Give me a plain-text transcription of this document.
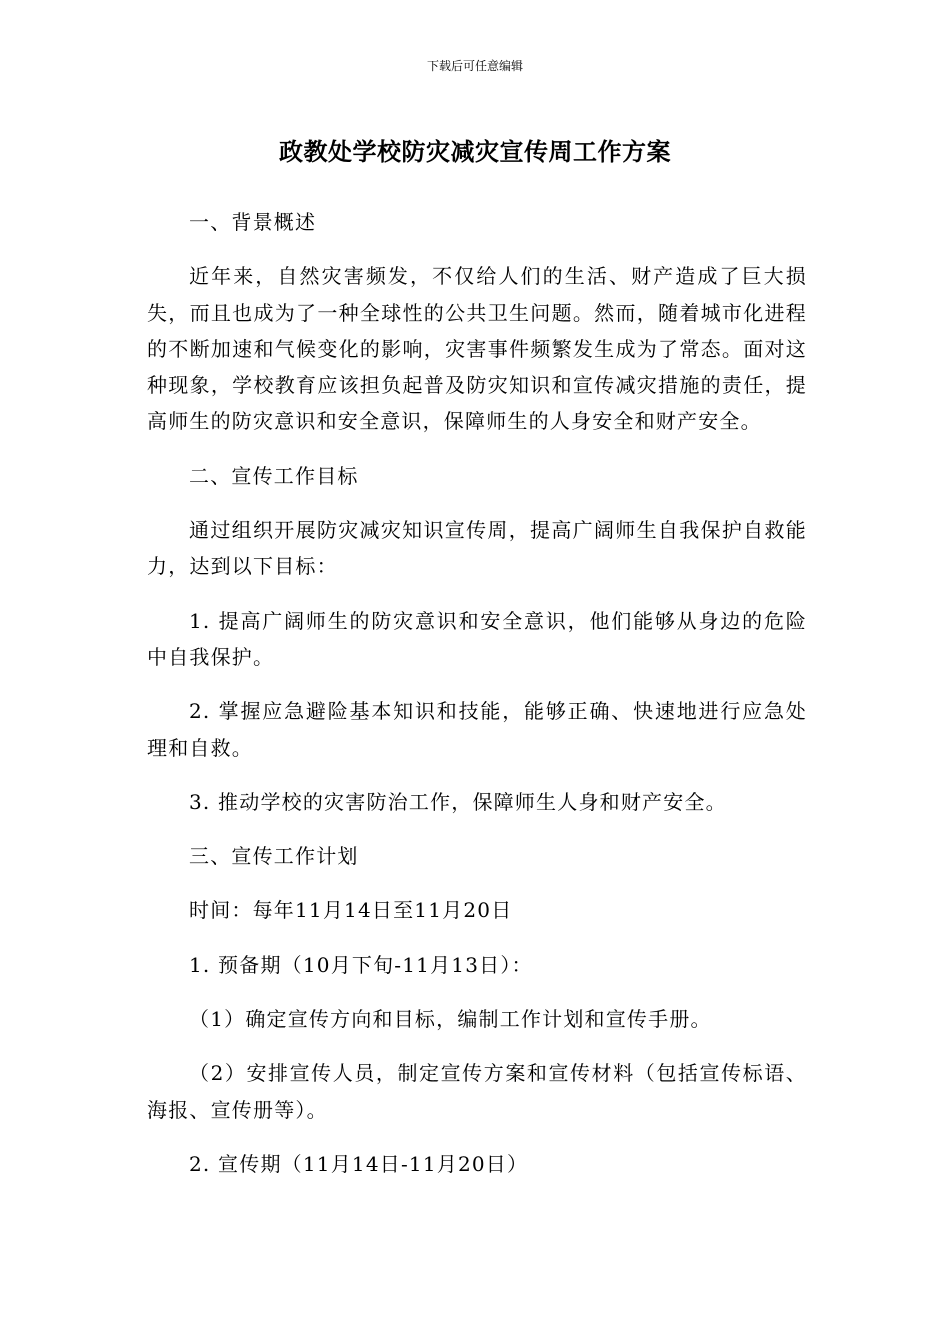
下载后可任意编辑
政教处学校防灾减灾宣传周工作方案

一、背景概述

近年来，自然灾害频发，不仅给人们的生活、财产造成了巨大损失，而且也成为了一种全球性的公共卫生问题。然而，随着城市化进程的不断加速和气候变化的影响，灾害事件频繁发生成为了常态。面对这种现象，学校教育应该担负起普及防灾知识和宣传减灾措施的责任，提高师生的防灾意识和安全意识，保障师生的人身安全和财产安全。

二、宣传工作目标

通过组织开展防灾减灾知识宣传周，提高广阔师生自我保护自救能力，达到以下目标：

1. 提高广阔师生的防灾意识和安全意识，他们能够从身边的危险中自我保护。

2. 掌握应急避险基本知识和技能，能够正确、快速地进行应急处理和自救。

3. 推动学校的灾害防治工作，保障师生人身和财产安全。

三、宣传工作计划

时间：每年11月14日至11月20日

1. 预备期（10月下旬-11月13日）：

（1）确定宣传方向和目标，编制工作计划和宣传手册。

（2）安排宣传人员，制定宣传方案和宣传材料（包括宣传标语、海报、宣传册等）。

2. 宣传期（11月14日-11月20日）
